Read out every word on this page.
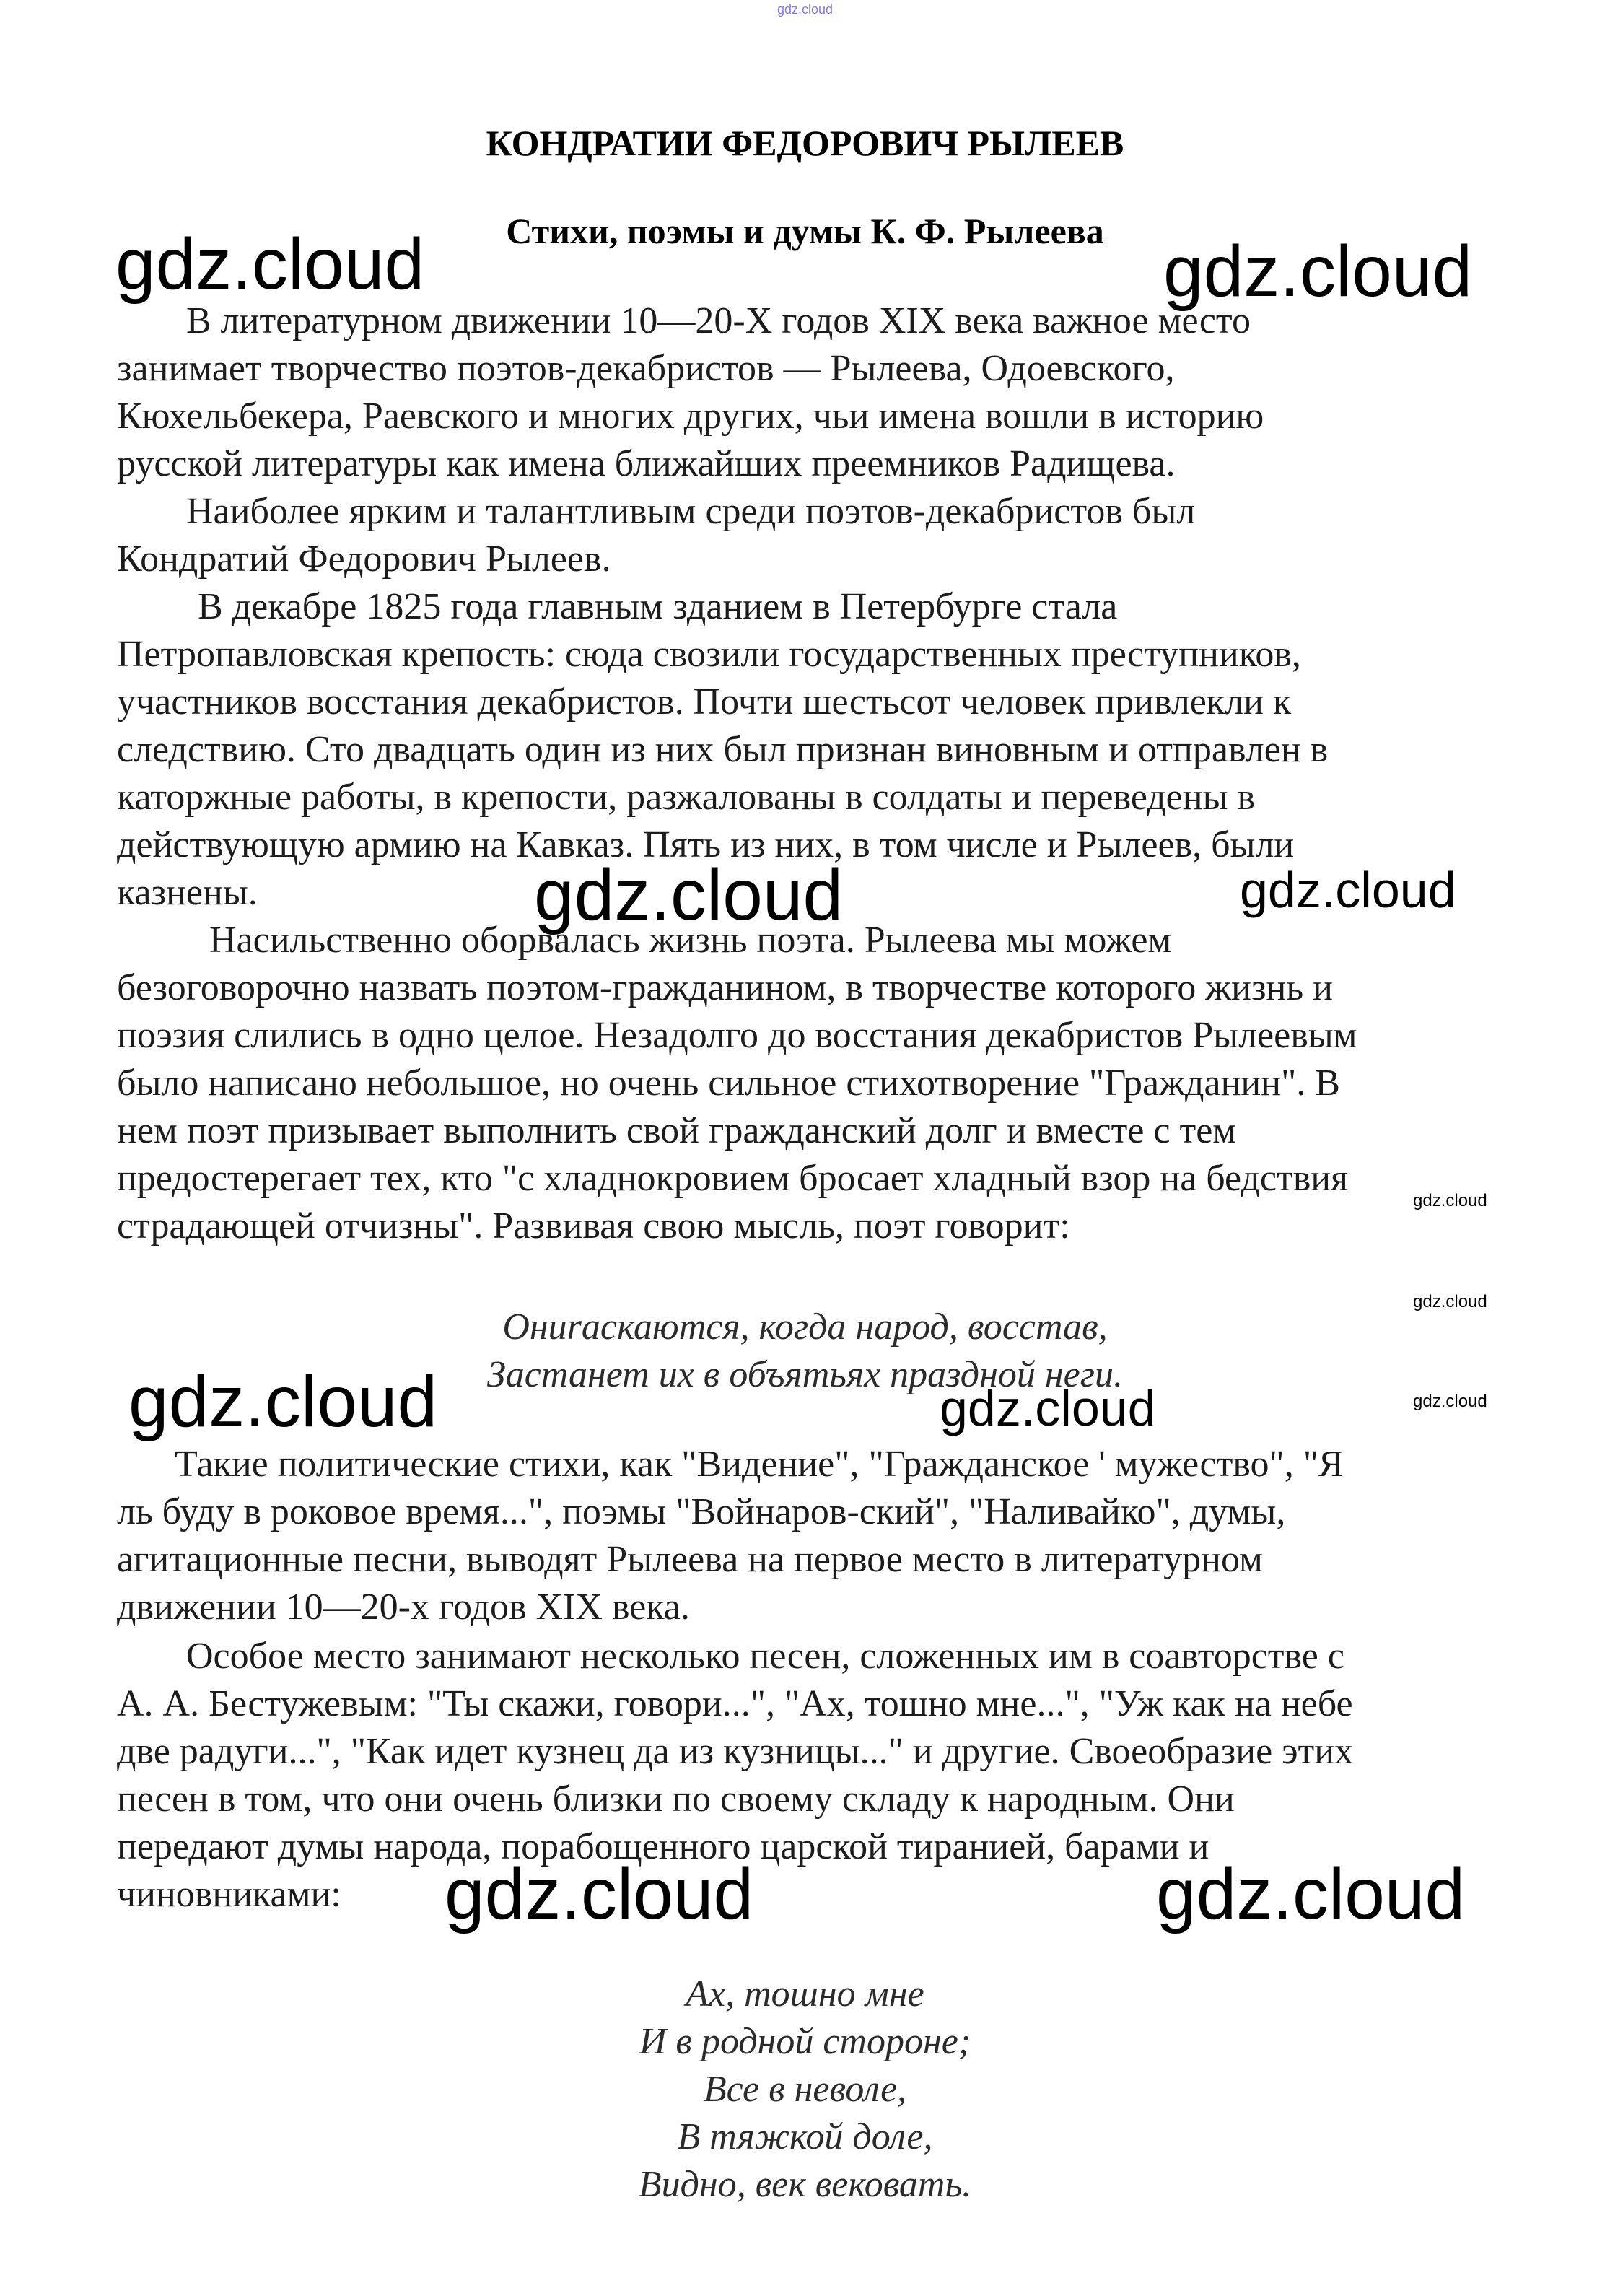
gdz.cloud
КОНДРАТИИ ФЕДОРОВИЧ РЫЛЕЕВ
Стихи, поэмы и думы К. Ф. Рылеева
В литературном движении 10—20-X годов XIX века важное место
занимает творчество поэтов-декабристов — Рылеева, Одоевского,
Кюхельбекера, Раевского и многих других, чьи имена вошли в историю
русской литературы как имена ближайших преемников Радищева.
Наиболее ярким и талантливым среди поэтов-декабристов был
Кондратий Федорович Рылеев.
В декабре 1825 года главным зданием в Петербурге стала
Петропавловская крепость: сюда свозили государственных преступников,
участников восстания декабристов. Почти шестьсот человек привлекли к
следствию. Сто двадцать один из них был признан виновным и отправлен в
каторжные работы, в крепости, разжалованы в солдаты и переведены в
действующую армию на Кавказ. Пять из них, в том числе и Рылеев, были
казнены.
Насильственно оборвалась жизнь поэта. Рылеева мы можем
безоговорочно назвать поэтом-гражданином, в творчестве которого жизнь и
поэзия слились в одно целое. Незадолго до восстания декабристов Рылеевым
было написано небольшое, но очень сильное стихотворение "Гражданин". В
нем поэт призывает выполнить свой гражданский долг и вместе с тем
предостерегает тех, кто "с хладнокровием бросает хладный взор на бедствия
страдающей отчизны". Развивая свою мысль, поэт говорит:
Ониraскаются, когда народ, восстав,
Застанет их в объятьях праздной неги.
Такие политические стихи, как "Видение", "Гражданское ' мужество", "Я
ль буду в роковое время...", поэмы "Войнаров-ский", "Наливайко", думы,
агитационные песни, выводят Рылеева на первое место в литературном
движении 10—20-х годов XIX века.
Особое место занимают несколько песен, сложенных им в соавторстве с
А. А. Бестужевым: "Ты скажи, говори...", "Ах, тошно мне...", "Уж как на небе
две радуги...", "Как идет кузнец да из кузницы..." и другие. Своеобразие этих
песен в том, что они очень близки по своему складу к народным. Они
передают думы народа, порабощенного царской тиранией, барами и
чиновниками:
Ах, тошно мне
И в родной стороне;
Все в неволе,
В тяжкой доле,
Видно, век вековать.
gdz.cloud	gdz.cloud
gdz.cloud	gdz.cloud
gdz.cloud
gdz.cloud
gdz.cloud	gdz.cloud	gdz.cloud
gdz.cloud	gdz.cloud
